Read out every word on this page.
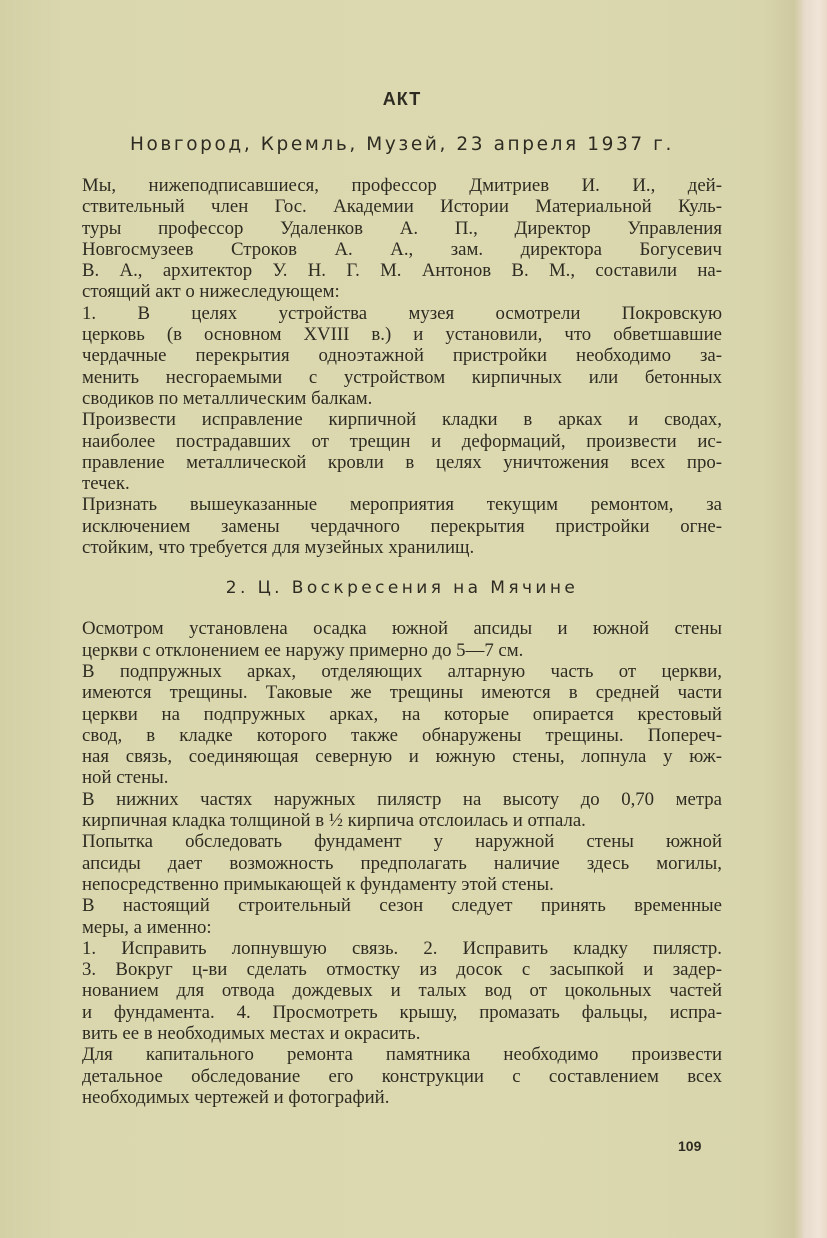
АКТ
Новгород, Кремль, Музей, 23 апреля 1937 г.
Мы, нижеподписавшиеся, профессор Дмитриев И. И., дей-
ствительный член Гос. Академии Истории Материальной Куль-
туры профессор Удаленков А. П., Директор Управления
Новгосмузеев Строков А. А., зам. директора Богусевич
В. А., архитектор У. Н. Г. М. Антонов В. М., составили на-
стоящий акт о нижеследующем:
1. В целях устройства музея осмотрели Покровскую
церковь (в основном XVIII в.) и установили, что обветшавшие
чердачные перекрытия одноэтажной пристройки необходимо за-
менить несгораемыми с устройством кирпичных или бетонных
сводиков по металлическим балкам.
Произвести исправление кирпичной кладки в арках и сводах,
наиболее пострадавших от трещин и деформаций, произвести ис-
правление металлической кровли в целях уничтожения всех про-
течек.
Признать вышеуказанные мероприятия текущим ремонтом, за
исключением замены чердачного перекрытия пристройки огне-
стойким, что требуется для музейных хранилищ.
2. Ц. Воскресения на Мячине
Осмотром установлена осадка южной апсиды и южной стены
церкви с отклонением ее наружу примерно до 5—7 см.
В подпружных арках, отделяющих алтарную часть от церкви,
имеются трещины. Таковые же трещины имеются в средней части
церкви на подпружных арках, на которые опирается крестовый
свод, в кладке которого также обнаружены трещины. Попереч-
ная связь, соединяющая северную и южную стены, лопнула у юж-
ной стены.
В нижних частях наружных пилястр на высоту до 0,70 метра
кирпичная кладка толщиной в ½ кирпича отслоилась и отпала.
Попытка обследовать фундамент у наружной стены южной
апсиды дает возможность предполагать наличие здесь могилы,
непосредственно примыкающей к фундаменту этой стены.
В настоящий строительный сезон следует принять временные
меры, а именно:
1. Исправить лопнувшую связь. 2. Исправить кладку пилястр.
3. Вокруг ц-ви сделать отмостку из досок с засыпкой и задер-
нованием для отвода дождевых и талых вод от цокольных частей
и фундамента. 4. Просмотреть крышу, промазать фальцы, испра-
вить ее в необходимых местах и окрасить.
Для капитального ремонта памятника необходимо произвести
детальное обследование его конструкции с составлением всех
необходимых чертежей и фотографий.
109
